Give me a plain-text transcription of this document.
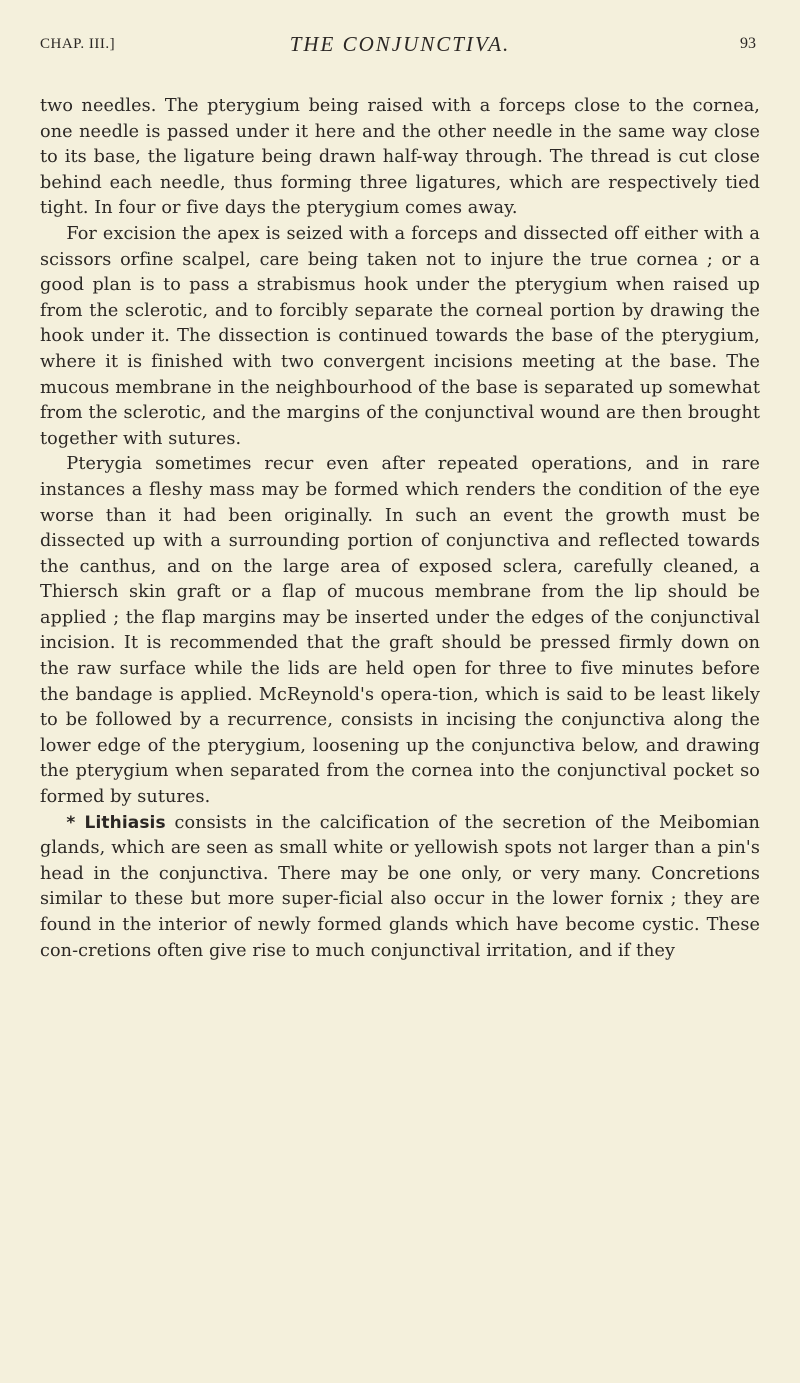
CHAP. III.]	THE CONJUNCTIVA.	93

two needles. The pterygium being raised with a forceps close to the cornea, one needle is passed under it here and the other needle in the same way close to its base, the ligature being drawn half-way through. The thread is cut close behind each needle, thus forming three ligatures, which are respectively tied tight. In four or five days the pterygium comes away.

For excision the apex is seized with a forceps and dissected off either with a scissors orfine scalpel, care being taken not to injure the true cornea ; or a good plan is to pass a strabismus hook under the pterygium when raised up from the sclerotic, and to forcibly separate the corneal portion by drawing the hook under it. The dissection is continued towards the base of the pterygium, where it is finished with two convergent incisions meeting at the base. The mucous membrane in the neighbourhood of the base is separated up somewhat from the sclerotic, and the margins of the conjunctival wound are then brought together with sutures.

Pterygia sometimes recur even after repeated operations, and in rare instances a fleshy mass may be formed which renders the condition of the eye worse than it had been originally. In such an event the growth must be dissected up with a surrounding portion of conjunctiva and reflected towards the canthus, and on the large area of exposed sclera, carefully cleaned, a Thiersch skin graft or a flap of mucous membrane from the lip should be applied ; the flap margins may be inserted under the edges of the conjunctival incision. It is recommended that the graft should be pressed firmly down on the raw surface while the lids are held open for three to five minutes before the bandage is applied. McReynold's opera-tion, which is said to be least likely to be followed by a recurrence, consists in incising the conjunctiva along the lower edge of the pterygium, loosening up the conjunctiva below, and drawing the pterygium when separated from the cornea into the conjunctival pocket so formed by sutures.

* Lithiasis consists in the calcification of the secretion of the Meibomian glands, which are seen as small white or yellowish spots not larger than a pin's head in the conjunctiva. There may be one only, or very many. Concretions similar to these but more super-ficial also occur in the lower fornix ; they are found in the interior of newly formed glands which have become cystic. These con-cretions often give rise to much conjunctival irritation, and if they
